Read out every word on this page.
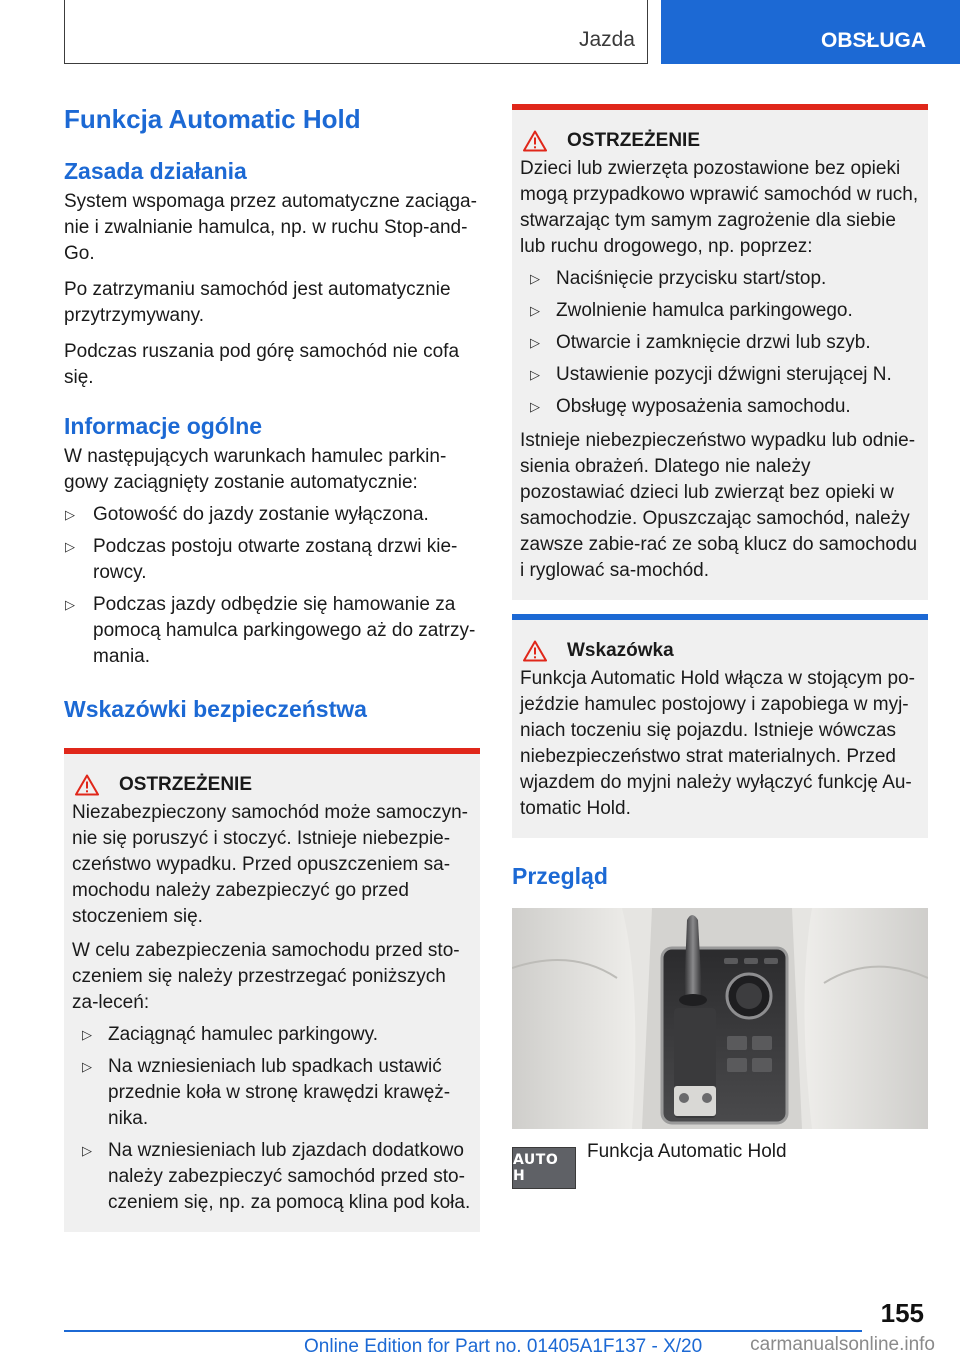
Jazda	OBSŁUGA
Funkcja Automatic Hold
Zasada działania

System wspomaga przez automatyczne zaciąga-nie i zwalnianie hamulca, np. w ruchu Stop-and-Go.

Po zatrzymaniu samochód jest automatycznie przytrzymywany.

Podczas ruszania pod górę samochód nie cofa się.

Informacje ogólne

W następujących warunkach hamulec parkin-gowy zaciągnięty zostanie automatycznie:

▷ Gotowość do jazdy zostanie wyłączona.
▷ Podczas postoju otwarte zostaną drzwi kie-rowcy.
▷ Podczas jazdy odbędzie się hamowanie za pomocą hamulca parkingowego aż do zatrzy-mania.
Wskazówki bezpieczeństwa
OSTRZEŻENIE

Niezabezpieczony samochód może samoczyn-nie się poruszyć i stoczyć. Istnieje niebezpie-czeństwo wypadku. Przed opuszczeniem sa-mochodu należy zabezpieczyć go przed stoczeniem się.

W celu zabezpieczenia samochodu przed sto-czeniem się należy przestrzegać poniższych za-leceń:

▷ Zaciągnąć hamulec parkingowy.
▷ Na wzniesieniach lub spadkach ustawić przednie koła w stronę krawędzi krawęż-nika.
▷ Na wzniesieniach lub zjazdach dodatkowo należy zabezpieczyć samochód przed sto-czeniem się, np. za pomocą klina pod koła.
OSTRZEŻENIE

Dzieci lub zwierzęta pozostawione bez opieki mogą przypadkowo wprawić samochód w ruch, stwarzając tym samym zagrożenie dla siebie lub ruchu drogowego, np. poprzez:

▷ Naciśnięcie przycisku start/stop.
▷ Zwolnienie hamulca parkingowego.
▷ Otwarcie i zamknięcie drzwi lub szyb.
▷ Ustawienie pozycji dźwigni sterującej N.
▷ Obsługę wyposażenia samochodu.

Istnieje niebezpieczeństwo wypadku lub odnie-sienia obrażeń. Dlatego nie należy pozostawiać dzieci lub zwierząt bez opieki w samochodzie. Opuszczając samochód, należy zawsze zabie-rać ze sobą klucz do samochodu i ryglować sa-mochód.

Wskazówka

Funkcja Automatic Hold włącza w stojącym po-jeździe hamulec postojowy i zapobiega w myj-niach toczeniu się pojazdu. Istnieje wówczas niebezpieczeństwo strat materialnych. Przed wjazdem do myjni należy wyłączyć funkcję Au-tomatic Hold.

Przegląd
AUTO H
Funkcja Automatic Hold
155
Online Edition for Part no. 01405A1F137 - X/20	carmanualsonline.info
